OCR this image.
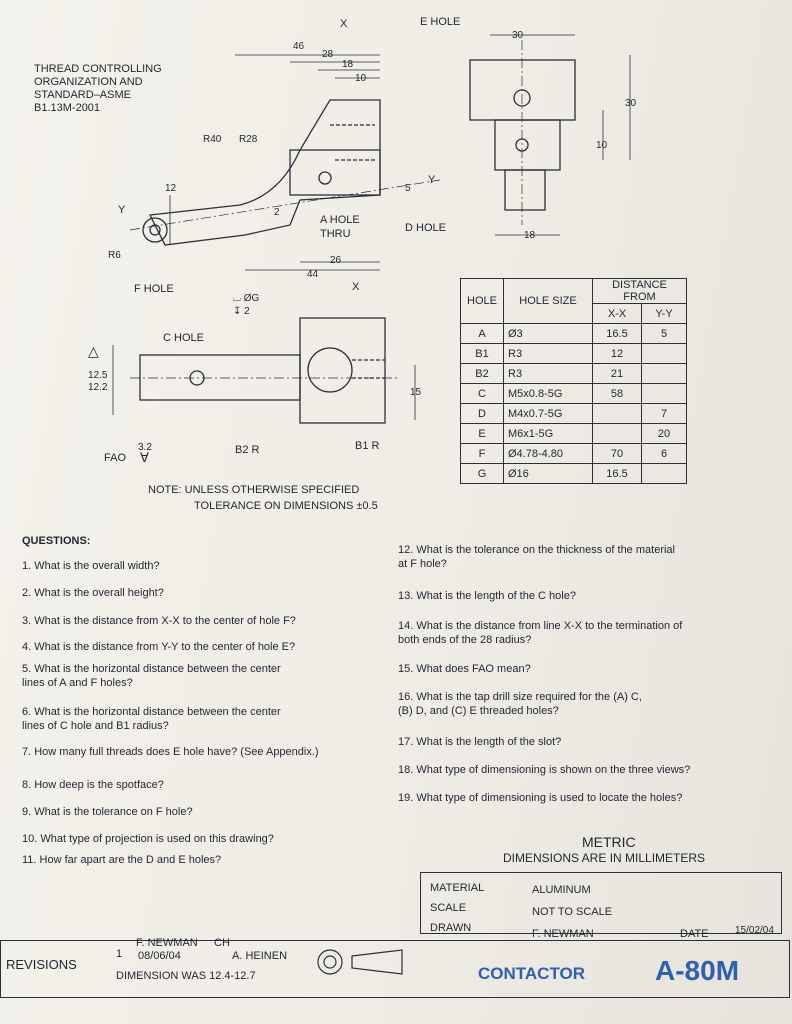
THREAD CONTROLLING
ORGANIZATION AND
STANDARD–ASME
B1.13M-2001
E HOLE
D HOLE
A HOLE
THRU
F HOLE
C HOLE
B2 R	B1 R
X
X
Y
Y
R40 R28
R6
⌴ ØG
↧ 2
46
28
18
10
12
26
44
5
2
30
30
10
18
15
12.5
12.2
△
FAO
3.2
∀
NOTE: UNLESS OTHERWISE SPECIFIED
TOLERANCE ON DIMENSIONS ±0.5
HOLE	HOLE SIZE	DISTANCE FROM	
		X-X	Y-Y
A	Ø3	16.5	5
B1	R3	12	
B2	R3	21	
C	M5x0.8-5G	58	
D	M4x0.7-5G		7
E	M6x1-5G		20
F	Ø4.78-4.80	70	6
G	Ø16	16.5	
QUESTIONS:
1. What is the overall width?
2. What is the overall height?
3. What is the distance from X-X to the center of hole F?
4. What is the distance from Y-Y to the center of hole E?
5. What is the horizontal distance between the center
lines of A and F holes?
6. What is the horizontal distance between the center
lines of C hole and B1 radius?
7. How many full threads does E hole have? (See Appendix.)
8. How deep is the spotface?
9. What is the tolerance on F hole?
10. What type of projection is used on this drawing?
11. How far apart are the D and E holes?
12. What is the tolerance on the thickness of the material
at F hole?
13. What is the length of the C hole?
14. What is the distance from line X-X to the termination of
both ends of the 28 radius?
15. What does FAO mean?
16. What is the tap drill size required for the (A) C,
(B) D, and (C) E threaded holes?
17. What is the length of the slot?
18. What type of dimensioning is shown on the three views?
19. What type of dimensioning is used to locate the holes?
METRIC
DIMENSIONS ARE IN MILLIMETERS
MATERIAL	ALUMINUM
SCALE	NOT TO SCALE
DRAWN	F. NEWMAN	DATE	15/02/04
REVISIONS
1
F. NEWMAN CH
08/06/04	A. HEINEN
DIMENSION WAS 12.4-12.7	CONTACTOR A-80M
